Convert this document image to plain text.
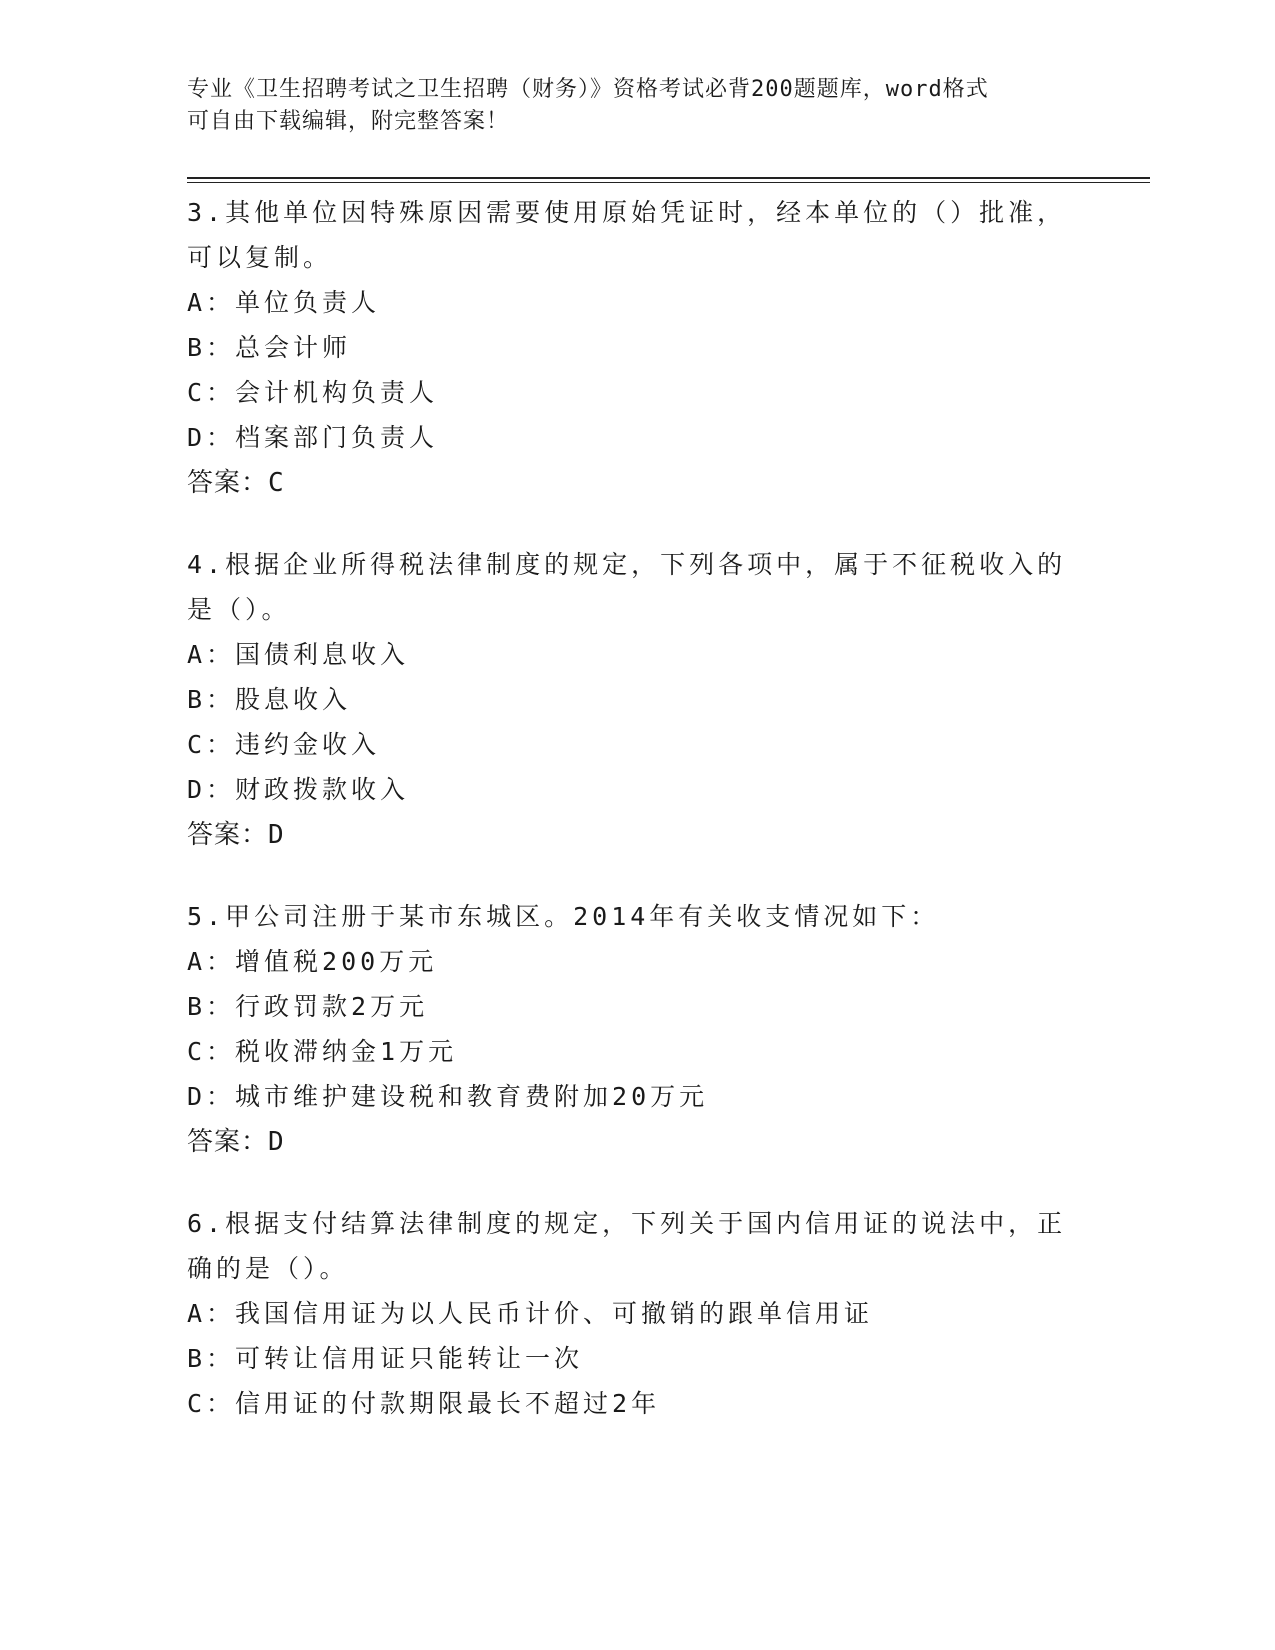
专业《卫生招聘考试之卫生招聘（财务）》资格考试必背200题题库，word格式
可自由下载编辑，附完整答案！
3.其他单位因特殊原因需要使用原始凭证时，经本单位的（）批准，
可以复制。
A：单位负责人
B：总会计师
C：会计机构负责人
D：档案部门负责人
答案：C
4.根据企业所得税法律制度的规定，下列各项中，属于不征税收入的
是（）。
A：国债利息收入
B：股息收入
C：违约金收入
D：财政拨款收入
答案：D
5.甲公司注册于某市东城区。2014年有关收支情况如下：
A：增值税200万元
B：行政罚款2万元
C：税收滞纳金1万元
D：城市维护建设税和教育费附加20万元
答案：D
6.根据支付结算法律制度的规定，下列关于国内信用证的说法中，正
确的是（）。
A：我国信用证为以人民币计价、可撤销的跟单信用证
B：可转让信用证只能转让一次
C：信用证的付款期限最长不超过2年
